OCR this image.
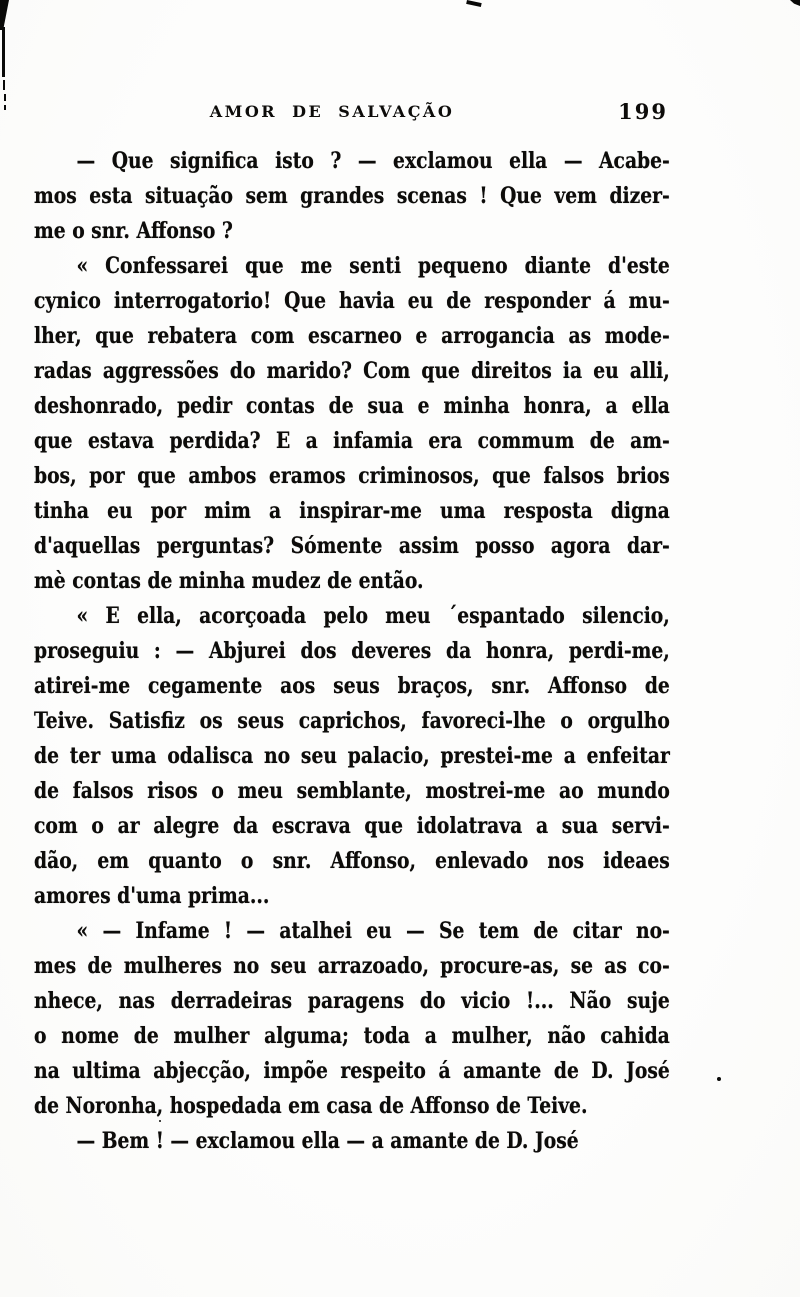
AMOR DE SALVAÇÃO	199
— Que significa isto ? — exclamou ella — Acabe-
mos esta situação sem grandes scenas ! Que vem dizer-
me o snr. Affonso ?
« Confessarei que me senti pequeno diante d'este
cynico interrogatorio! Que havia eu de responder á mu-
lher, que rebatera com escarneo e arrogancia as mode-
radas aggressões do marido? Com que direitos ia eu alli,
deshonrado, pedir contas de sua e minha honra, a ella
que estava perdida? E a infamia era commum de am-
bos, por que ambos eramos criminosos, que falsos brios
tinha eu por mim a inspirar-me uma resposta digna
d'aquellas perguntas? Sómente assim posso agora dar-
mè contas de minha mudez de então.
« E ella, acorçoada pelo meu ´espantado silencio,
proseguiu : — Abjurei dos deveres da honra, perdi-me,
atirei-me cegamente aos seus braços, snr. Affonso de
Teive. Satisfiz os seus caprichos, favoreci-lhe o orgulho
de ter uma odalisca no seu palacio, prestei-me a enfeitar
de falsos risos o meu semblante, mostrei-me ao mundo
com o ar alegre da escrava que idolatrava a sua servi-
dão, em quanto o snr. Affonso, enlevado nos ideaes
amores d'uma prima...
« — Infame ! — atalhei eu — Se tem de citar no-
mes de mulheres no seu arrazoado, procure-as, se as co-
nhece, nas derradeiras paragens do vicio !... Não suje
o nome de mulher alguma; toda a mulher, não cahida
na ultima abjecção, impõe respeito á amante de D. José
de Noronha, hospedada em casa de Affonso de Teive.
— Bem ! — exclamou ella — a amante de D. José
